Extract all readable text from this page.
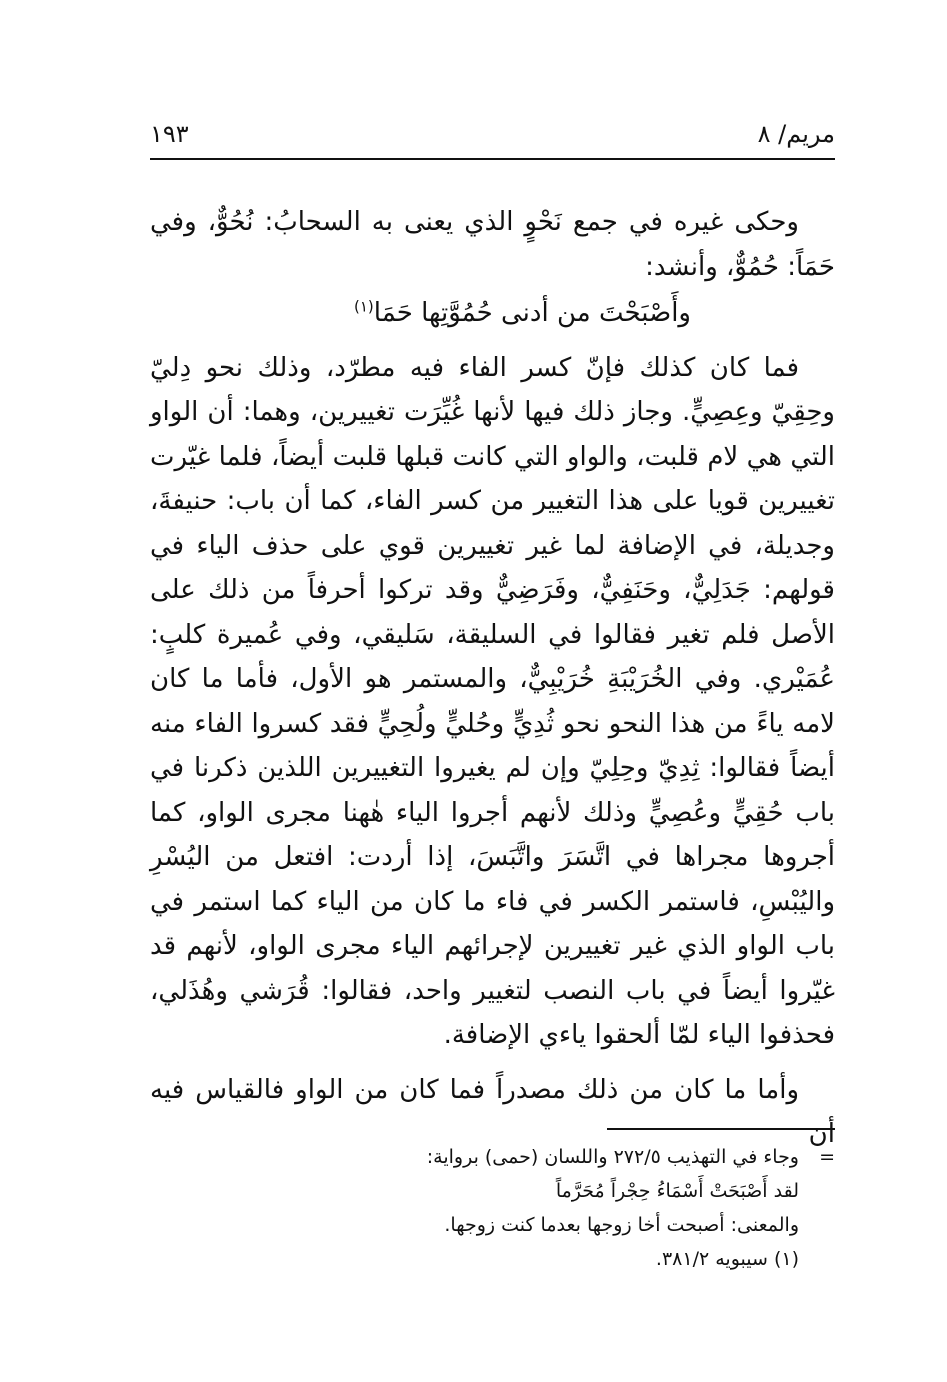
مريم/ ٨
١٩٣

وحكى غيره في جمع نَحْوٍ الذي يعنى به السحابُ: نُحُوٌّ، وفي حَمَاً: حُمُوٌّ، وأنشد:

وأَصْبَحْتَ من أدنى حُمُوَّتِها حَمَا$^{(١)}$

فما كان كذلك فإنّ كسر الفاء فيه مطرّد، وذلك نحو دِليّ وحِقِيّ وعِصِيٍّ. وجاز ذلك فيها لأنها غُيِّرَت تغييرين، وهما: أن الواو التي هي لام قلبت، والواو التي كانت قبلها قلبت أيضاً، فلما غيّرت تغييرين قويا على هذا التغيير من كسر الفاء، كما أن باب: حنيفةَ، وجديلة، في الإضافة لما غير تغييرين قوي على حذف الياء في قولهم: جَدَلِيٌّ، وحَنَفِيٌّ، وفَرَضِيٌّ وقد تركوا أحرفاً من ذلك على الأصل فلم تغير فقالوا في السليقة، سَليقي، وفي عُميرة كلبٍ: عُمَيْري. وفي الخُرَيْبَةِ خُرَيْبِيٌّ، والمستمر هو الأول، فأما ما كان لامه ياءً من هذا النحو نحو ثُدِيٍّ وحُليٍّ ولُحِيٍّ فقد كسروا الفاء منه أيضاً فقالوا: ثِدِيّ وحِلِيّ وإن لم يغيروا التغييرين اللذين ذكرنا في باب حُقِيٍّ وعُصِيٍّ وذلك لأنهم أجروا الياء هٰهنا مجرى الواو، كما أجروها مجراها في اتَّسَرَ واتَّبَسَ، إذا أردت: افتعل من اليُسْرِ واليُبْسِ، فاستمر الكسر في فاء ما كان من الياء كما استمر في باب الواو الذي غير تغييرين لإجرائهم الياء مجرى الواو، لأنهم قد غيّروا أيضاً في باب النصب لتغيير واحد، فقالوا: قُرَشي وهُذَلي، فحذفوا الياء لمّا ألحقوا ياءي الإضافة.

وأما ما كان من ذلك مصدراً فما كان من الواو فالقياس فيه أن

=
وجاء في التهذيب ٢٧٢/٥ واللسان (حمى) برواية:
لقد أَصْبَحَتْ أَسْمَاءُ حِجْراً مُحَرَّماً
والمعنى: أصبحت أخا زوجها بعدما كنت زوجها.
(١) سيبويه ٣٨١/٢.
